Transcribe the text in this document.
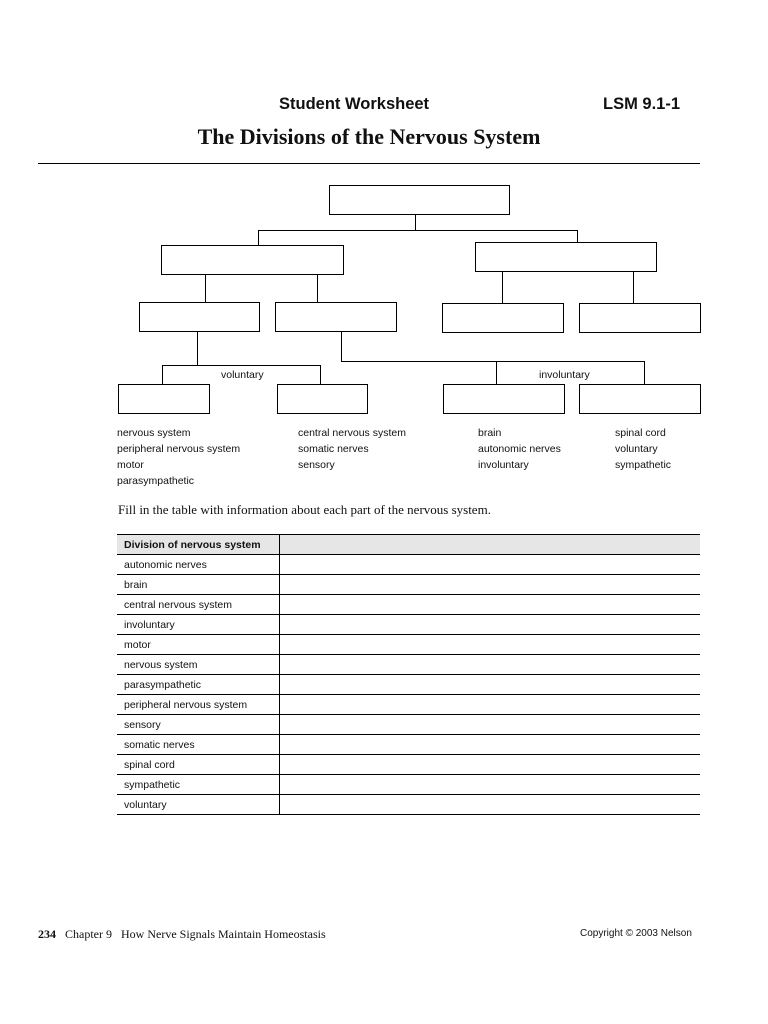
Student Worksheet	LSM 9.1-1
The Divisions of the Nervous System
voluntary	involuntary
nervous system
peripheral nervous system
motor
parasympathetic
central nervous system
somatic nerves
sensory
brain
autonomic nerves
involuntary
spinal cord
voluntary
sympathetic
Fill in the table with information about each part of the nervous system.
Division of nervous system	
autonomic nerves	
brain	
central nervous system	
involuntary	
motor	
nervous system	
parasympathetic	
peripheral nervous system	
sensory	
somatic nerves	
spinal cord	
sympathetic	
voluntary	
234 Chapter 9 How Nerve Signals Maintain Homeostasis	Copyright © 2003 Nelson
